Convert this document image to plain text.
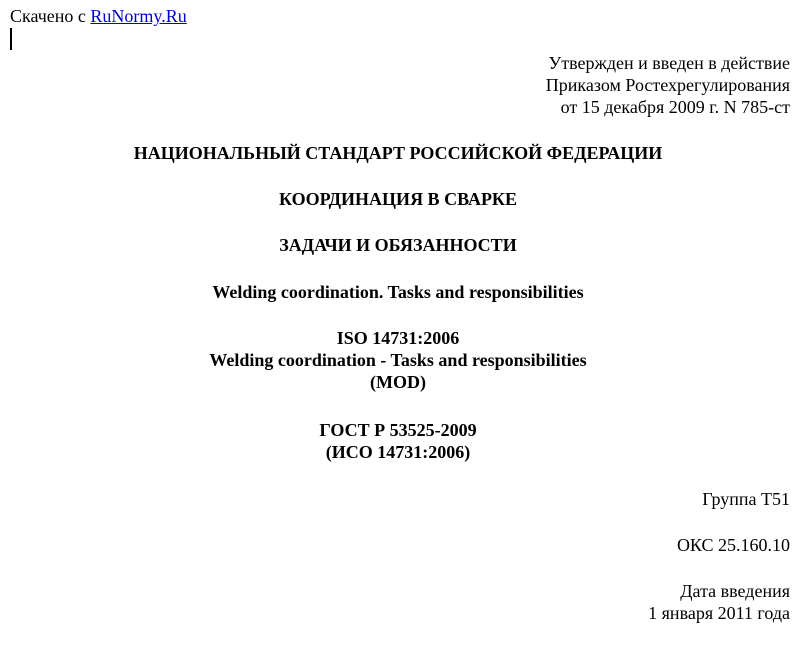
Скачено с RuNormy.Ru
Утвержден и введен в действие
Приказом Ростехрегулирования
от 15 декабря 2009 г. N 785-ст
НАЦИОНАЛЬНЫЙ СТАНДАРТ РОССИЙСКОЙ ФЕДЕРАЦИИ
КООРДИНАЦИЯ В СВАРКЕ
ЗАДАЧИ И ОБЯЗАННОСТИ
Welding coordination. Tasks and responsibilities
ISO 14731:2006
Welding coordination - Tasks and responsibilities
(MOD)
ГОСТ Р 53525-2009
(ИСО 14731:2006)
Группа Т51
ОКС 25.160.10
Дата введения
1 января 2011 года
